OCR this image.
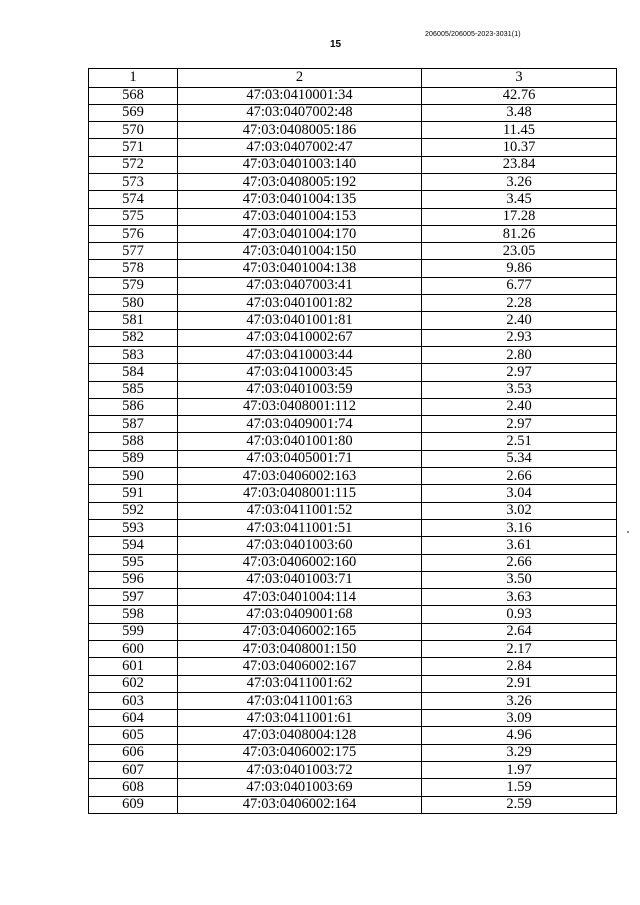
206005/206005-2023-3031(1)
15
1	2	3
568	47:03:0410001:34	42.76
569	47:03:0407002:48	3.48
570	47:03:0408005:186	11.45
571	47:03:0407002:47	10.37
572	47:03:0401003:140	23.84
573	47:03:0408005:192	3.26
574	47:03:0401004:135	3.45
575	47:03:0401004:153	17.28
576	47:03:0401004:170	81.26
577	47:03:0401004:150	23.05
578	47:03:0401004:138	9.86
579	47:03:0407003:41	6.77
580	47:03:0401001:82	2.28
581	47:03:0401001:81	2.40
582	47:03:0410002:67	2.93
583	47:03:0410003:44	2.80
584	47:03:0410003:45	2.97
585	47:03:0401003:59	3.53
586	47:03:0408001:112	2.40
587	47:03:0409001:74	2.97
588	47:03:0401001:80	2.51
589	47:03:0405001:71	5.34
590	47:03:0406002:163	2.66
591	47:03:0408001:115	3.04
592	47:03:0411001:52	3.02
593	47:03:0411001:51	3.16
594	47:03:0401003:60	3.61
595	47:03:0406002:160	2.66
596	47:03:0401003:71	3.50
597	47:03:0401004:114	3.63
598	47:03:0409001:68	0.93
599	47:03:0406002:165	2.64
600	47:03:0408001:150	2.17
601	47:03:0406002:167	2.84
602	47:03:0411001:62	2.91
603	47:03:0411001:63	3.26
604	47:03:0411001:61	3.09
605	47:03:0408004:128	4.96
606	47:03:0406002:175	3.29
607	47:03:0401003:72	1.97
608	47:03:0401003:69	1.59
609	47:03:0406002:164	2.59
